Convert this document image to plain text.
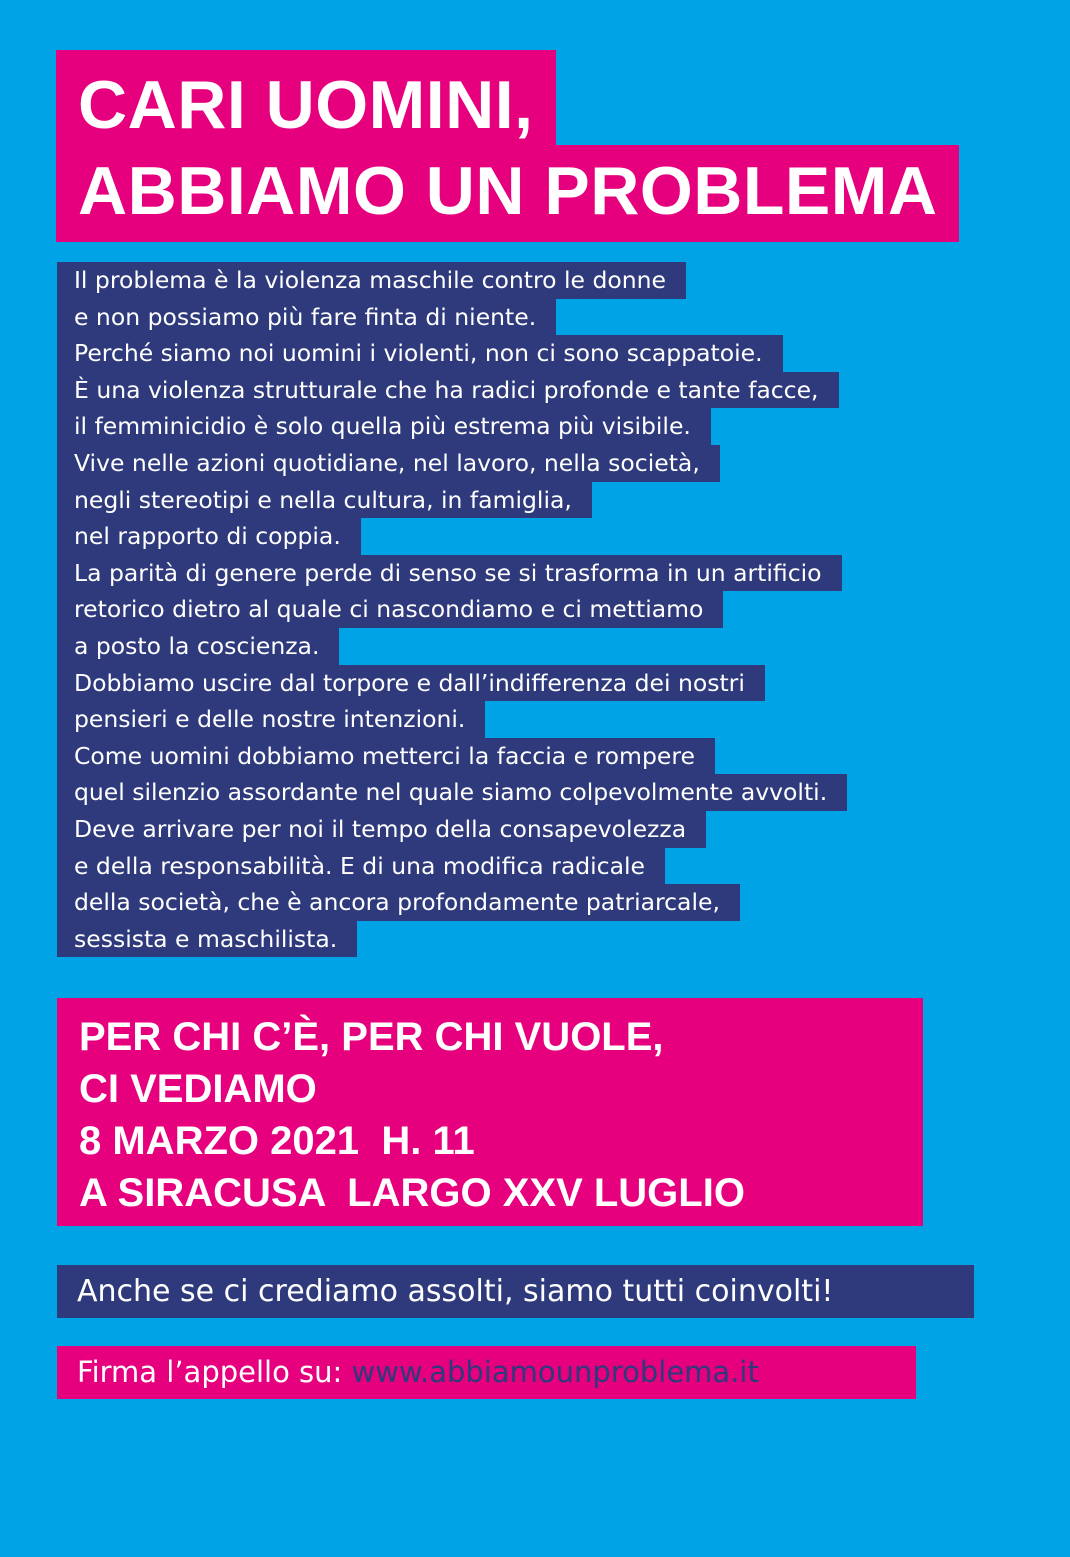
CARI UOMINI,
ABBIAMO UN PROBLEMA
Il problema è la violenza maschile contro le donne
e non possiamo più fare finta di niente.
Perché siamo noi uomini i violenti, non ci sono scappatoie.
È una violenza strutturale che ha radici profonde e tante facce,
il femminicidio è solo quella più estrema più visibile.
Vive nelle azioni quotidiane, nel lavoro, nella società,
negli stereotipi e nella cultura, in famiglia,
nel rapporto di coppia.
La parità di genere perde di senso se si trasforma in un artificio
retorico dietro al quale ci nascondiamo e ci mettiamo
a posto la coscienza.
Dobbiamo uscire dal torpore e dall’indifferenza dei nostri
pensieri e delle nostre intenzioni.
Come uomini dobbiamo metterci la faccia e rompere
quel silenzio assordante nel quale siamo colpevolmente avvolti.
Deve arrivare per noi il tempo della consapevolezza
e della responsabilità. E di una modifica radicale
della società, che è ancora profondamente patriarcale,
sessista e maschilista.
PER CHI C’È, PER CHI VUOLE,
CI VEDIAMO
8 MARZO 2021  H. 11
A SIRACUSA  LARGO XXV LUGLIO
Anche se ci crediamo assolti, siamo tutti coinvolti!
Firma l’appello su: www.abbiamounproblema.it
